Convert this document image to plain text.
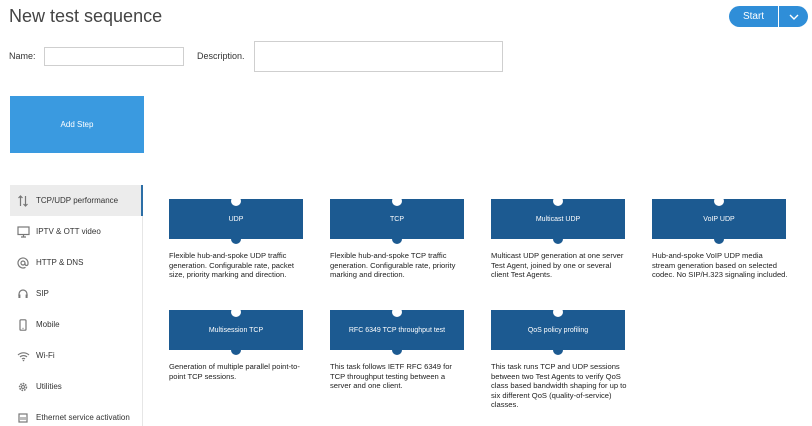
New test sequence	Start
Name:	Description.
Add Step
TCP/UDP performance
IPTV & OTT video
HTTP & DNS
SIP
Mobile
Wi-Fi
Utilities
Ethernet service activation
UDP
Flexible hub-and-spoke UDP traffic generation. Configurable rate, packet size, priority marking and direction.
TCP
Flexible hub-and-spoke TCP traffic generation. Configurable rate, priority marking and direction.
Multicast UDP
Multicast UDP generation at one server Test Agent, joined by one or several client Test Agents.
VoIP UDP
Hub-and-spoke VoIP UDP media stream generation based on selected codec. No SIP/H.323 signaling included.
Multisession TCP
Generation of multiple parallel point-to-point TCP sessions.
RFC 6349 TCP throughput test
This task follows IETF RFC 6349 for TCP throughput testing between a server and one client.
QoS policy profiling
This task runs TCP and UDP sessions between two Test Agents to verify QoS class based bandwidth shaping for up to six different QoS (quality-of-service) classes.
